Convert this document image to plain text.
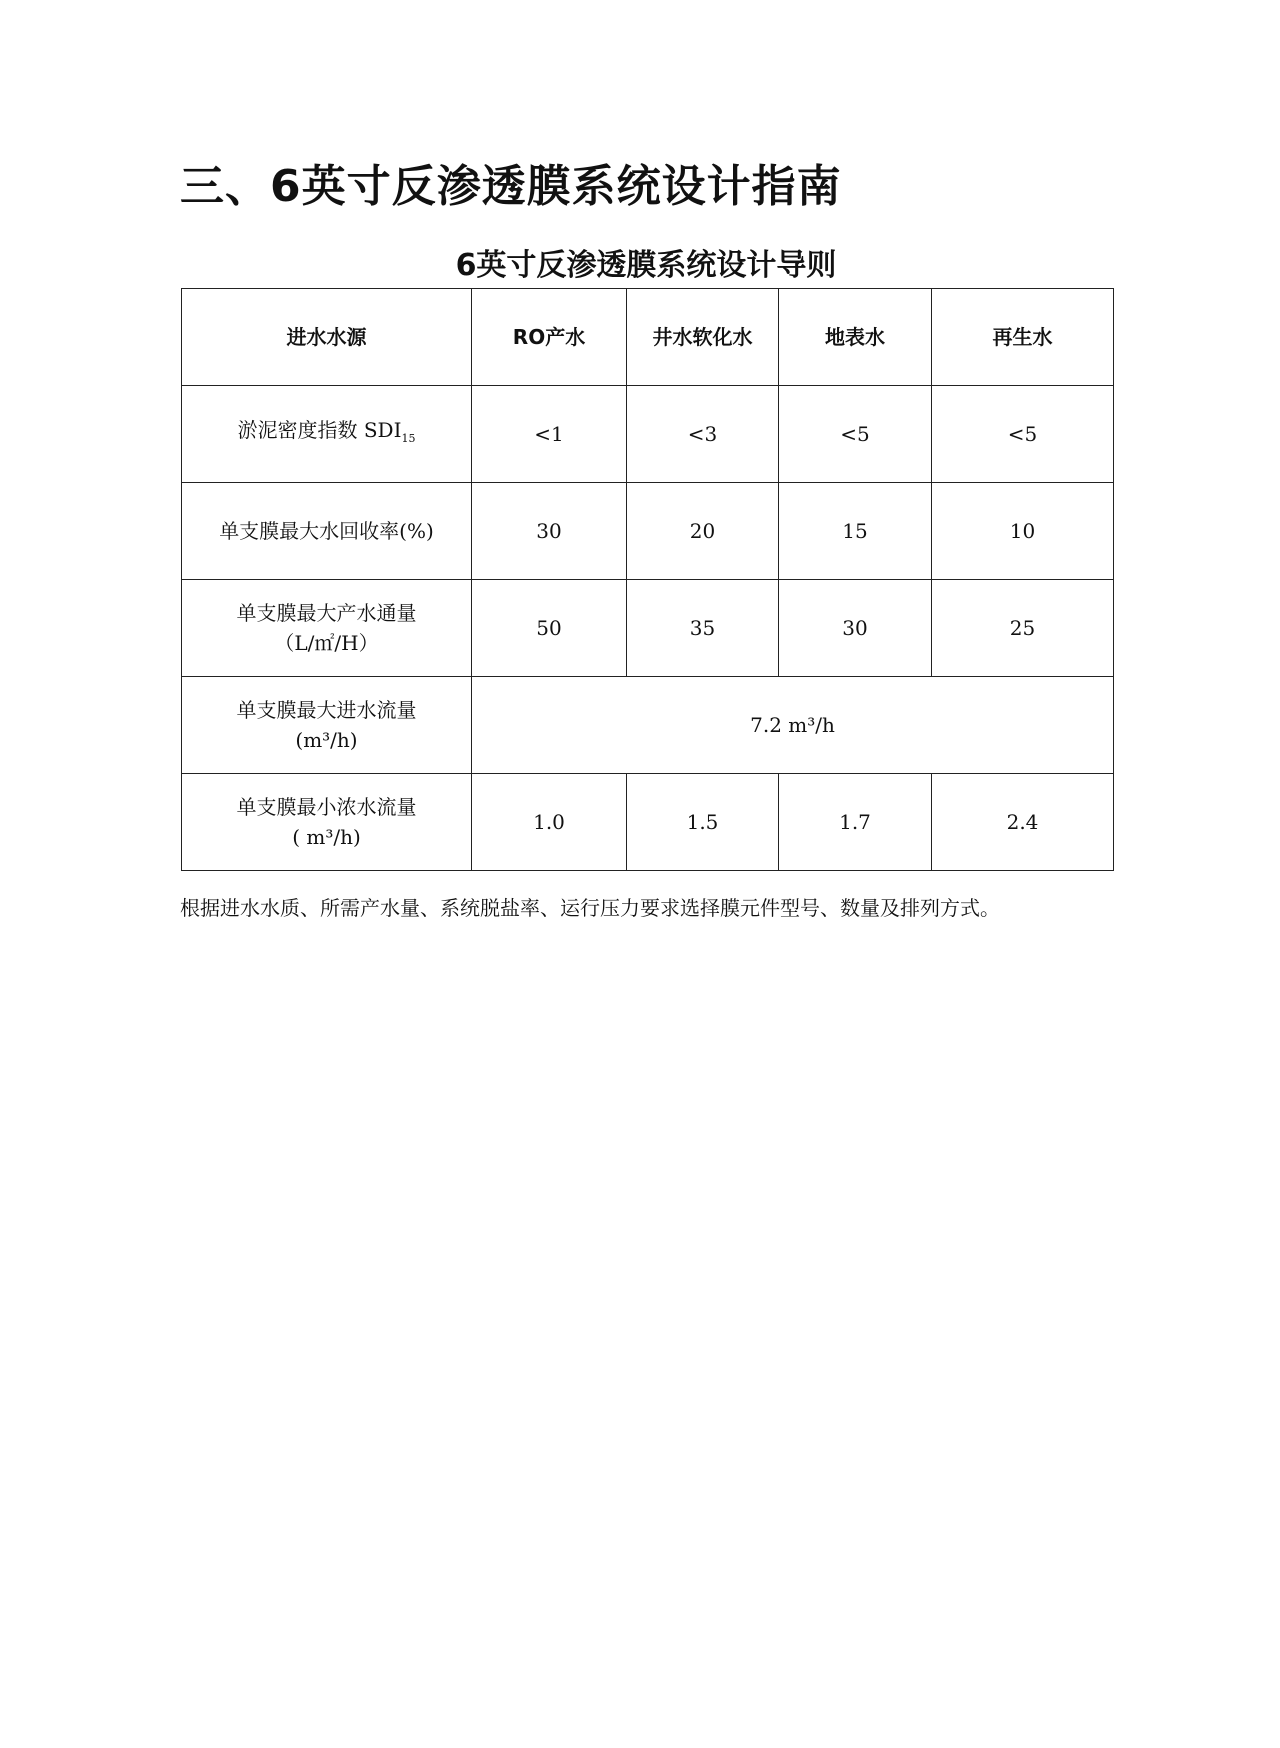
三、6英寸反渗透膜系统设计指南
6英寸反渗透膜系统设计导则
进水水源	RO产水	井水软化水	地表水	再生水
淤泥密度指数 $SDI_{15}$	<1	<3	<5	<5
单支膜最大水回收率(%)	30	20	15	10

单支膜最大产水通量
（L/㎡/H）	50	35	30	25

单支膜最大进水流量
(m³/h)	7.2 m³/h			

单支膜最小浓水流量
( m³/h)	1.0	1.5	1.7	2.4

根据进水水质、所需产水量、系统脱盐率、运行压力要求选择膜元件型号、数量及排列方式。
